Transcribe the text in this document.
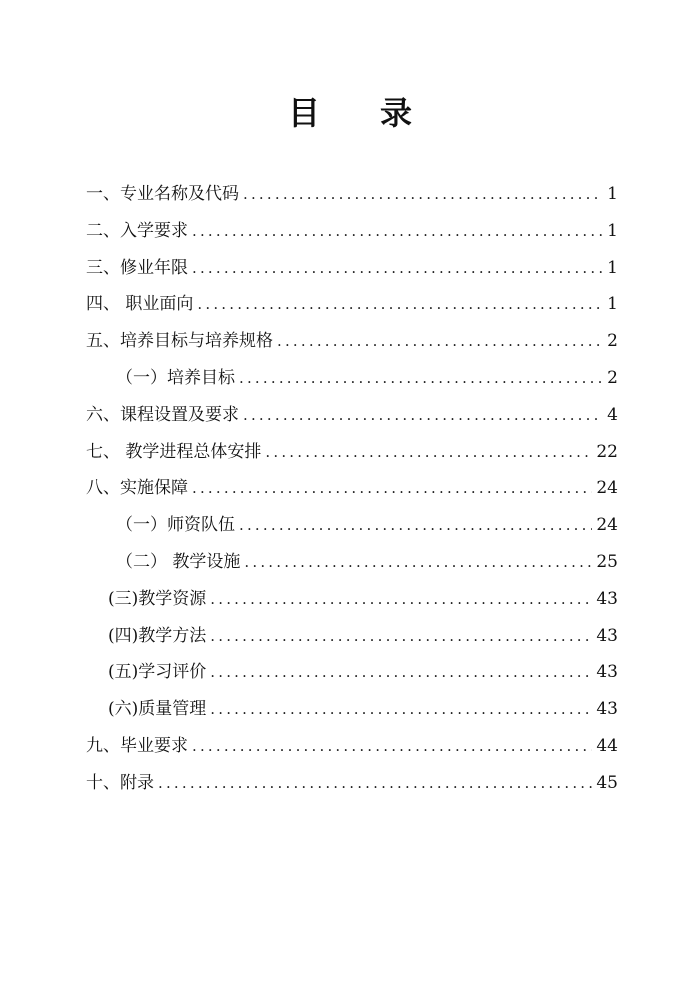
目 录
一、专业名称及代码 .....	1
二、入学要求 .....	1
三、修业年限 .....	1
四、 职业面向 .....	1
五、培养目标与培养规格 .....	2
（一）培养目标 .....	2
六、课程设置及要求 .....	4
七、 教学进程总体安排 .....	22
八、实施保障 .....	24
（一）师资队伍 .....	24
（二） 教学设施 .....	25
(三)教学资源 .....	43
(四)教学方法 .....	43
(五)学习评价 .....	43
(六)质量管理 .....	43
九、毕业要求 .....	44
十、附录 .....	45
